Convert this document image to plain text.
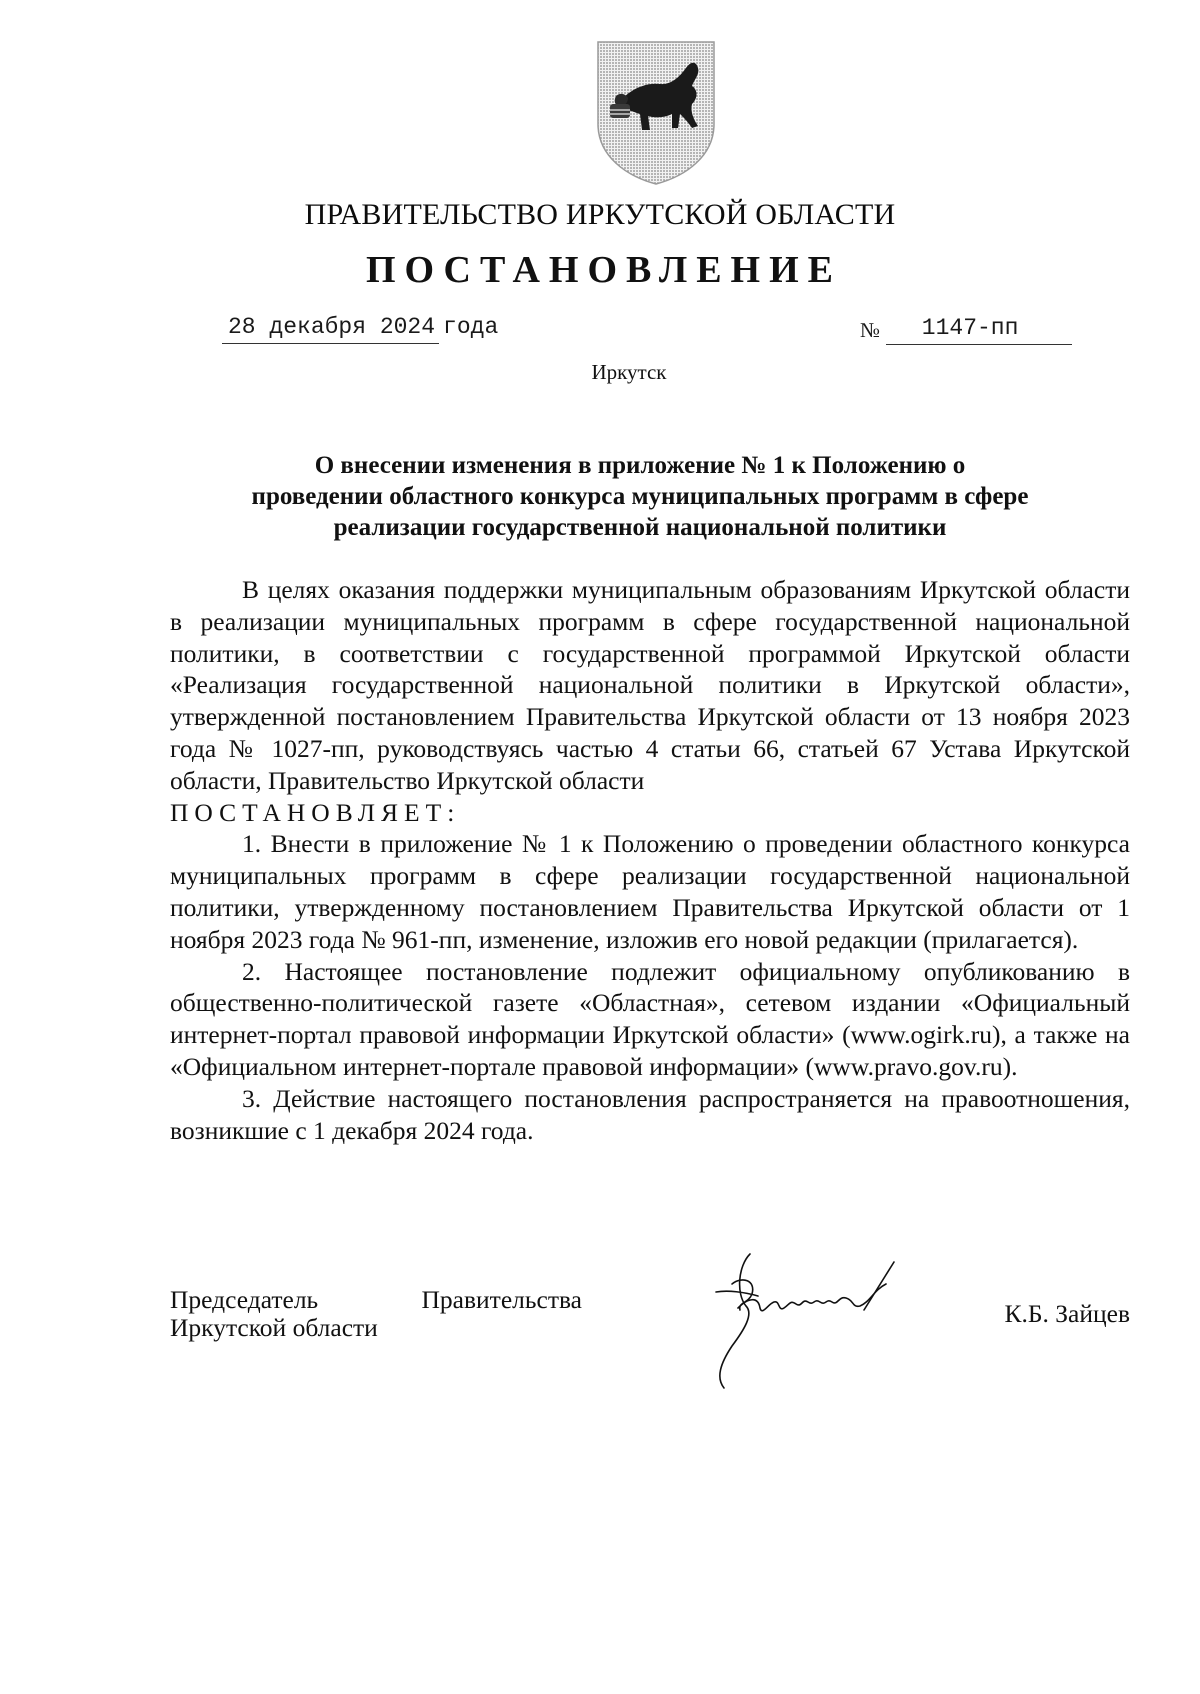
ПРАВИТЕЛЬСТВО ИРКУТСКОЙ ОБЛАСТИ
ПОСТАНОВЛЕНИЕ
28 декабря 2024 года	№ 1147-пп
Иркутск
О внесении изменения в приложение № 1 к Положению о
проведении областного конкурса муниципальных программ в сфере
реализации государственной национальной политики

В целях оказания поддержки муниципальным образованиям Иркутской области в реализации муниципальных программ в сфере государственной национальной политики, в соответствии с государственной программой Иркутской области «Реализация государственной национальной политики в Иркутской области», утвержденной постановлением Правительства Иркутской области от 13 ноября 2023 года № 1027-пп, руководствуясь частью 4 статьи 66, статьей 67 Устава Иркутской области, Правительство Иркутской области

ПОСТАНОВЛЯЕТ:

1. Внести в приложение № 1 к Положению о проведении областного конкурса муниципальных программ в сфере реализации государственной национальной политики, утвержденному постановлением Правительства Иркутской области от 1 ноября 2023 года № 961-пп, изменение, изложив его новой редакции (прилагается).

2. Настоящее постановление подлежит официальному опубликованию в общественно-политической газете «Областная», сетевом издании «Официальный интернет-портал правовой информации Иркутской области» (www.ogirk.ru), а также на «Официальном интернет-портале правовой информации» (www.pravo.gov.ru).

3. Действие настоящего постановления распространяется на правоотношения, возникшие с 1 декабря 2024 года.

Председатель	Правительства
Иркутской области	К.Б. Зайцев
